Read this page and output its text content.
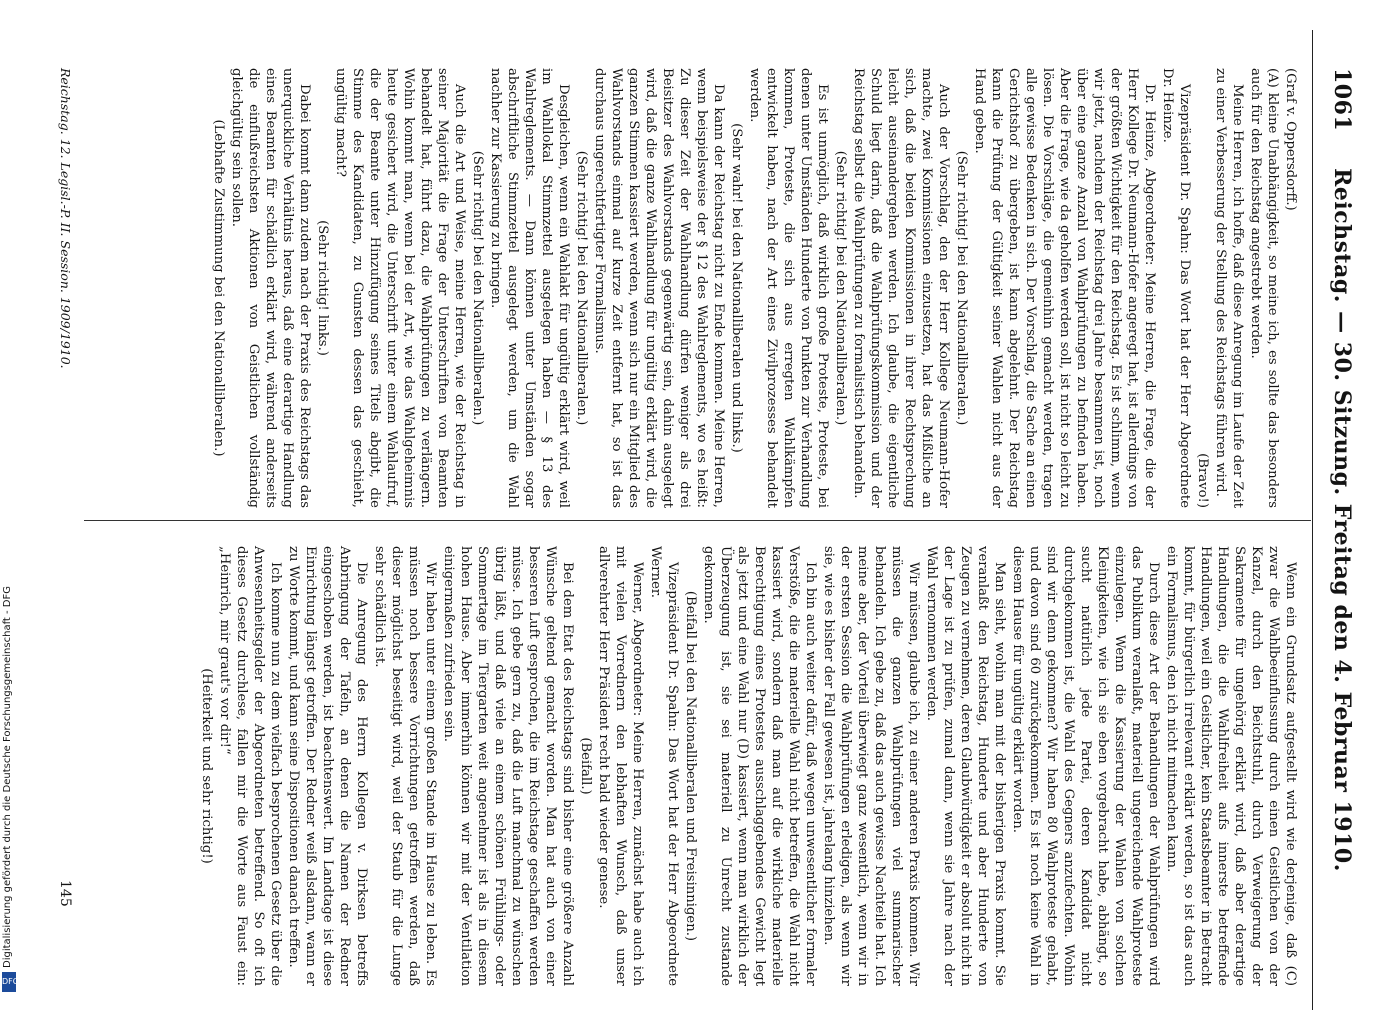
Digitalisierung gefördert durch die Deutsche Forschungsgemeinschaft - DFG
DFG
1061
Reichstag. — 30. Sitzung. Freitag den 4. Februar 1910.

(Graf v. Oppersdorff.)

(A) kleine Unabhängigkeit, so meine ich, es sollte das besonders auch für den Reichstag angestrebt werden.

Meine Herren, ich hoffe, daß diese Anregung im Laufe der Zeit zu einer Verbesserung der Stellung des Reichstags führen wird.

(Bravo!)

Vizepräsident Dr. Spahn: Das Wort hat der Herr Abgeordnete Dr. Heinze.

Dr. Heinze, Abgeordneter: Meine Herren, die Frage, die der Herr Kollege Dr. Neumann-Hofer angeregt hat, ist allerdings von der größten Wichtigkeit für den Reichstag. Es ist schlimm, wenn wir jetzt, nachdem der Reichstag drei Jahre besammen ist, noch über eine ganze Anzahl von Wahlprüfungen zu befinden haben. Aber die Frage, wie da geholfen werden soll, ist nicht so leicht zu lösen. Die Vorschläge, die gemeinhin gemacht werden, tragen alle gewisse Bedenken in sich. Der Vorschlag, die Sache an einen Gerichtshof zu übergeben, ist kann abgelehnt. Der Reichstag kann die Prüfung der Gültigkeit seiner Wahlen nicht aus der Hand geben.

(Sehr richtig! bei den Nationalliberalen.)

Auch der Vorschlag, den der Herr Kollege Neumann-Hofer machte, zwei Kommissionen einzusetzen, hat das Mißliche an sich, daß die beiden Kommissionen in ihrer Rechtsprechung leicht auseinandergehen werden. Ich glaube, die eigentliche Schuld liegt darin, daß die Wahlprüfungskommission und der Reichstag selbst die Wahlprüfungen zu formalistisch behandeln.

(Sehr richtig! bei den Nationalliberalen.)

Es ist unmöglich, daß wirklich große Proteste, Proteste, bei denen unter Umständen Hunderte von Punkten zur Verhandlung kommen, Proteste, die sich aus erregten Wahlkämpfen entwickelt haben, nach der Art eines Zivilprozesses behandelt werden.

(Sehr wahr! bei den Nationalliberalen und links.)

Da kann der Reichstag nicht zu Ende kommen. Meine Herren, wenn beispielsweise der § 12 des Wahlreglements, wo es heißt: Zu dieser Zeit der Wahlhandlung dürfen weniger als drei Beisitzer des Wahlvorstands gegenwärtig sein, dahin ausgelegt wird, daß die ganze Wahlhandlung für ungültig erklärt wird, die ganzen Stimmen kassiert werden, wenn sich nur ein Mitglied des Wahlvorstands einmal auf kurze Zeit entfernt hat, so ist das durchaus ungerechtfertigter Formalismus.

(Sehr richtig! bei den Nationalliberalen.)

Desgleichen, wenn ein Wahlakt für ungültig erklärt wird, weil im Wahllokal Stimmzettel ausgelegen haben — § 13 des Wahlreglements. — Dann können unter Umständen sogar abschriftliche Stimmzettel ausgelegt werden, um die Wahl nachher zur Kassierung zu bringen.

(Sehr richtig! bei den Nationalliberalen.)

Auch die Art und Weise, meine Herren, wie der Reichstag in seiner Majorität die Frage der Unterschriften von Beamten behandelt hat, führt dazu, die Wahlprüfungen zu verlängern. Wohin kommt man, wenn bei der Art, wie das Wahlgeheimnis heute gesichert wird, die Unterschrift unter einem Wahlaufruf, die der Beamte unter Hinzufügung seines Titels abgibt, die Stimme des Kandidaten, zu Gunsten dessen das geschieht, ungültig macht?

(Sehr richtig! links.)

Dabei kommt dann zudem nach der Praxis des Reichstags das unerquickliche Verhältnis heraus, daß eine derartige Handlung eines Beamten für schädlich erklärt wird, während anderseits die einflußreichsten Aktionen von Geistlichen vollständig gleichgültig sein sollen.

(Lebhafte Zustimmung bei den Nationalliberalen.)

Wenn ein Grundsatz aufgestellt wird wie derjenige, daß (C) zwar die Wahlbeeinflussung durch einen Geistlichen von der Kanzel, durch den Beichtstuhl, durch Verweigerung der Sakramente für ungehörig erklärt wird, daß aber derartige Handlungen, die die Wahlfreiheit aufs innerste betreffende Handlungen, weil ein Geistlicher, kein Staatsbeamter in Betracht kommt, für bürgerlich irrelevant erklärt werden, so ist das auch ein Formalismus, den ich nicht mitmachen kann.

Durch diese Art der Behandlungen der Wahlprüfungen wird das Publikum veranlaßt, materiell ungereichende Wahlproteste einzulegen. Wenn die Kassierung der Wahlen von solchen Kleinigkeiten, wie ich sie eben vorgebracht habe, abhängt, so sucht natürlich jede Partei, deren Kandidat nicht durchgekommen ist, die Wahl des Gegners anzufechten. Wohin sind wir denn gekommen? Wir haben 80 Wahlproteste gehabt, und davon sind 60 zurückgekommen. Es ist noch keine Wahl in diesem Hause für ungültig erklärt worden.

Man sieht, wohin man mit der bisherigen Praxis kommt. Sie veranlaßt den Reichstag, Hunderte und aber Hunderte von Zeugen zu vernehmen, deren Glaubwürdigkeit er absolut nicht in der Lage ist zu prüfen, zumal dann, wenn sie Jahre nach der Wahl vernommen werden.

Wir müssen, glaube ich, zu einer anderen Praxis kommen. Wir müssen die ganzen Wahlprüfungen viel summarischer behandeln. Ich gebe zu, daß das auch gewisse Nachteile hat. Ich meine aber, der Vorteil überwiegt ganz wesentlich, wenn wir in der ersten Session die Wahlprüfungen erledigen, als wenn wir sie, wie es bisher der Fall gewesen ist, jahrelang hinziehen.

Ich bin auch weiter dafür, daß wegen unwesentlicher formaler Verstöße, die die materielle Wahl nicht betreffen, die Wahl nicht kassiert wird, sondern daß man auf die wirkliche materielle Berechtigung eines Protestes ausschlaggebendes Gewicht legt als jetzt und eine Wahl nur (D) kassiert, wenn man wirklich der Überzeugung ist, sie sei materiell zu Unrecht zustande gekommen.

(Beifall bei den Nationalliberalen und Freisinnigen.)

Vizepräsident Dr. Spahn: Das Wort hat der Herr Abgeordnete Werner.

Werner, Abgeordneter: Meine Herren, zunächst habe auch ich mit vielen Vorrednern den lebhaften Wunsch, daß unser allverehrter Herr Präsident recht bald wieder genese.

(Beifall.)

Bei dem Etat des Reichstags sind bisher eine größere Anzahl Wünsche geltend gemacht worden. Man hat auch von einer besseren Luft gesprochen, die im Reichstage geschaffen werden müsse. Ich gebe gern zu, daß die Luft manchmal zu wünschen übrig läßt, und daß viele an einem schönen Frühlings- oder Sommertage im Tiergarten weit angenehmer ist als in diesem hohen Hause. Aber immerhin können wir mit der Ventilation einigermaßen zufrieden sein.

Wir haben unter einem großen Stande im Hause zu leben. Es müssen noch bessere Vorrichtungen getroffen werden, daß dieser möglichst beseitigt wird, weil der Staub für die Lunge sehr schädlich ist.

Die Anregung des Herrn Kollegen v. Dirksen betreffs Anbringung der Tafeln, an denen die Namen der Redner eingeschoben werden, ist beachtenswert. Im Landtage ist diese Einrichtung längst getroffen. Der Redner weiß alsdann, wann er zu Worte kommt, und kann seine Dispositionen danach treffen.

Ich komme nun zu dem vielfach besprochenen Gesetz über die Anwesenheitsgelder der Abgeordneten betreffend. So oft ich dieses Gesetz durchlese, fallen mir die Worte aus Faust ein: „Heinrich, mir graut's vor dir!“

(Heiterkeit und sehr richtig!)

Reichstag. 12. Legisl.-P. II. Session. 1909/1910.
145
